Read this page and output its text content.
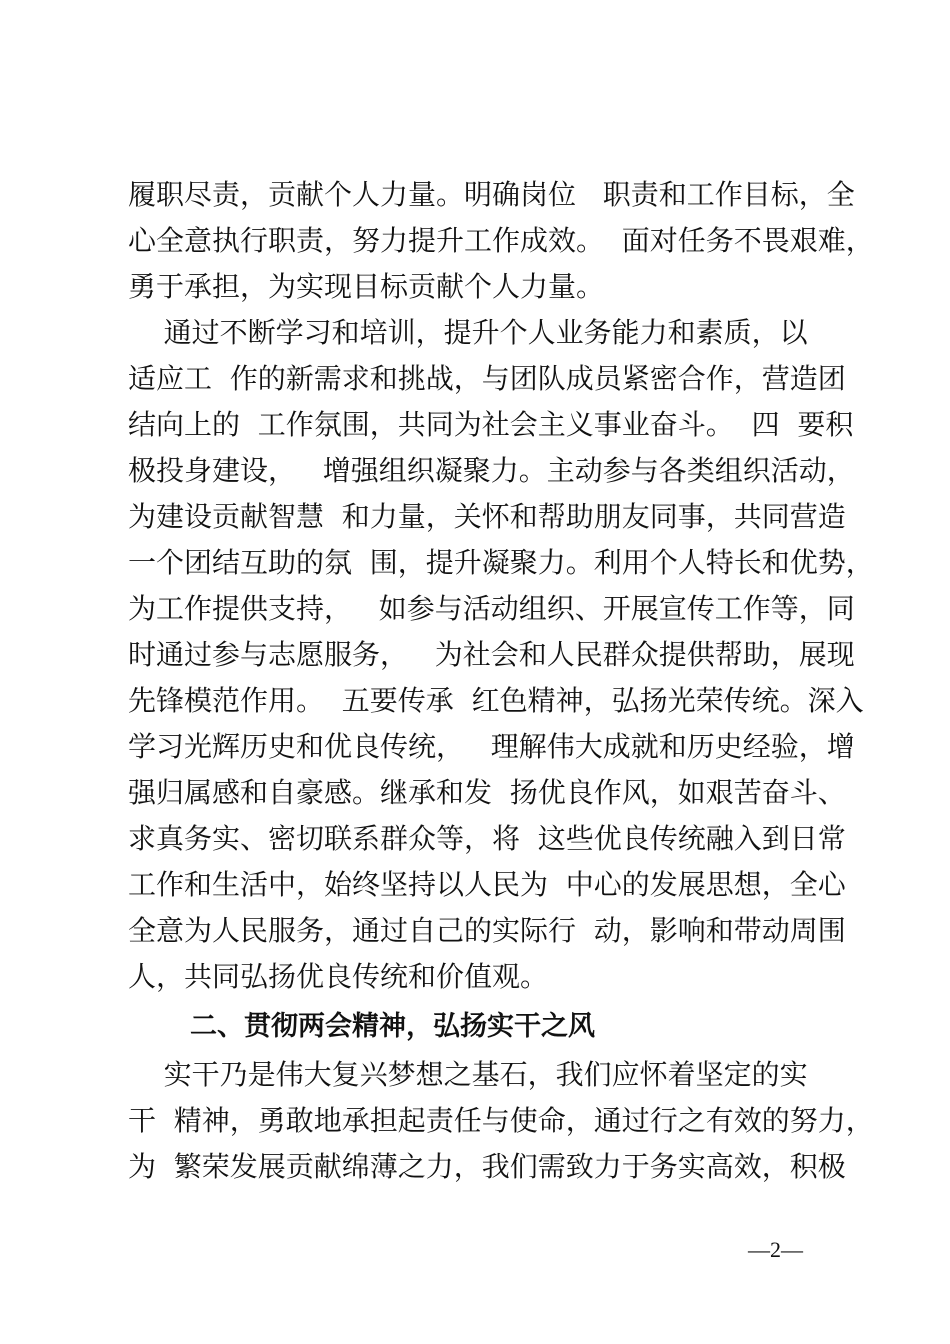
履职尽责，贡献个人力量。明确岗位   职责和工作目标，全
心全意执行职责，努力提升工作成效。  面对任务不畏艰难，
勇于承担，为实现目标贡献个人力量。
通过不断学习和培训，提升个人业务能力和素质，以
适应工  作的新需求和挑战，与团队成员紧密合作，营造团
结向上的  工作氛围，共同为社会主义事业奋斗。  四  要积
极投身建设，   增强组织凝聚力。主动参与各类组织活动，
为建设贡献智慧  和力量，关怀和帮助朋友同事，共同营造
一个团结互助的氛  围，提升凝聚力。利用个人特长和优势，
为工作提供支持，   如参与活动组织、开展宣传工作等，同
时通过参与志愿服务，   为社会和人民群众提供帮助，展现
先锋模范作用。  五要传承  红色精神，弘扬光荣传统。深入
学习光辉历史和优良传统，   理解伟大成就和历史经验，增
强归属感和自豪感。继承和发  扬优良作风，如艰苦奋斗、
求真务实、密切联系群众等，将  这些优良传统融入到日常
工作和生活中，始终坚持以人民为  中心的发展思想，全心
全意为人民服务，通过自己的实际行  动，影响和带动周围
人，共同弘扬优良传统和价值观。
二、贯彻两会精神，弘扬实干之风
实干乃是伟大复兴梦想之基石，我们应怀着坚定的实
干  精神，勇敢地承担起责任与使命，通过行之有效的努力，
为  繁荣发展贡献绵薄之力，我们需致力于务实高效，积极
—2—
